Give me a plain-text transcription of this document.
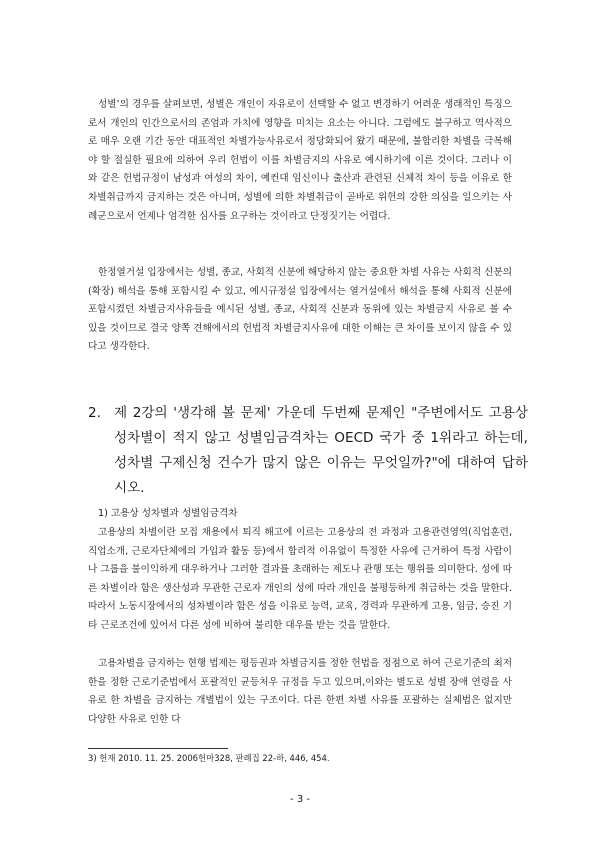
성별’의 경우를 살펴보면, 성별은 개인이 자유로이 선택할 수 없고 변경하기 어려운 생래적인 특징으로서 개인의 인간으로서의 존엄과 가치에 영향을 미치는 요소는 아니다. 그럼에도 불구하고 역사적으로 매우 오랜 기간 동안 대표적인 차별가능사유로서 정당화되어 왔기 때문에, 불합리한 차별을 극복해야 할 절실한 필요에 의하여 우리 헌법이 이를 차별금지의 사유로 예시하기에 이른 것이다. 그러나 이와 같은 헌법규정이 남성과 여성의 차이, 예컨대 임신이나 출산과 관련된 신체적 차이 등을 이유로 한 차별취급까지 금지하는 것은 아니며, 성별에 의한 차별취급이 곧바로 위헌의 강한 의심을 일으키는 사례군으로서 언제나 엄격한 심사를 요구하는 것이라고 단정짓기는 어렵다.

한정열거설 입장에서는 성별, 종교, 사회적 신분에 해당하지 않는 중요한 차별 사유는 사회적 신분의 (확장) 해석을 통해 포함시킬 수 있고, 예시규정설 입장에서는 열거설에서 해석을 통해 사회적 신분에 포함시켰던 차별금지사유들을 예시된 성별, 종교, 사회적 신분과 동위에 있는 차별금지 사유로 볼 수 있을 것이므로 결국 양쪽 견해에서의 헌법적 차별금지사유에 대한 이해는 큰 차이를 보이지 않을 수 있다고 생각한다.

2. 제 2강의 '생각해 볼 문제' 가운데 두번째 문제인 "주변에서도 고용상 성차별이 적지 않고 성별임금격차는 OECD 국가 중 1위라고 하는데, 성차별 구제신청 건수가 많지 않은 이유는 무엇일까?"에 대하여 답하시오.

1) 고용상 성차별과 성별임금격차

고용상의 차별이란 모집 채용에서 퇴직 해고에 이르는 고용상의 전 과정과 고용관련영역(직업훈련, 직업소개, 근로자단체에의 가입과 활동 등)에서 합리적 이유없이 특정한 사유에 근거하여 특정 사람이나 그룹을 불이익하게 대우하거나 그러한 결과를 초래하는 제도나 관행 또는 행위를 의미한다. 성에 따른 차별이라 함은 생산성과 무관한 근로자 개인의 성에 따라 개인을 불평등하게 취급하는 것을 말한다. 따라서 노동시장에서의 성차별이라 함은 성을 이유로 능력, 교육, 경력과 무관하게 고용, 임금, 승진 기타 근로조건에 있어서 다른 성에 비하여 불리한 대우를 받는 것을 말한다.

고용차별을 금지하는 현행 법제는 평등권과 차별금지를 정한 헌법을 정점으로 하여 근로기준의 최저한을 정한 근로기준법에서 포괄적인 균등처우 규정을 두고 있으며,이와는 별도로 성별 장애 연령을 사유로 한 차별을 금지하는 개별법이 있는 구조이다. 다른 한편 차별 사유를 포괄하는 실체법은 없지만 다양한 사유로 인한 다

3) 헌재 2010. 11. 25. 2006헌마328, 판례집 22-하, 446, 454.

- 3 -
